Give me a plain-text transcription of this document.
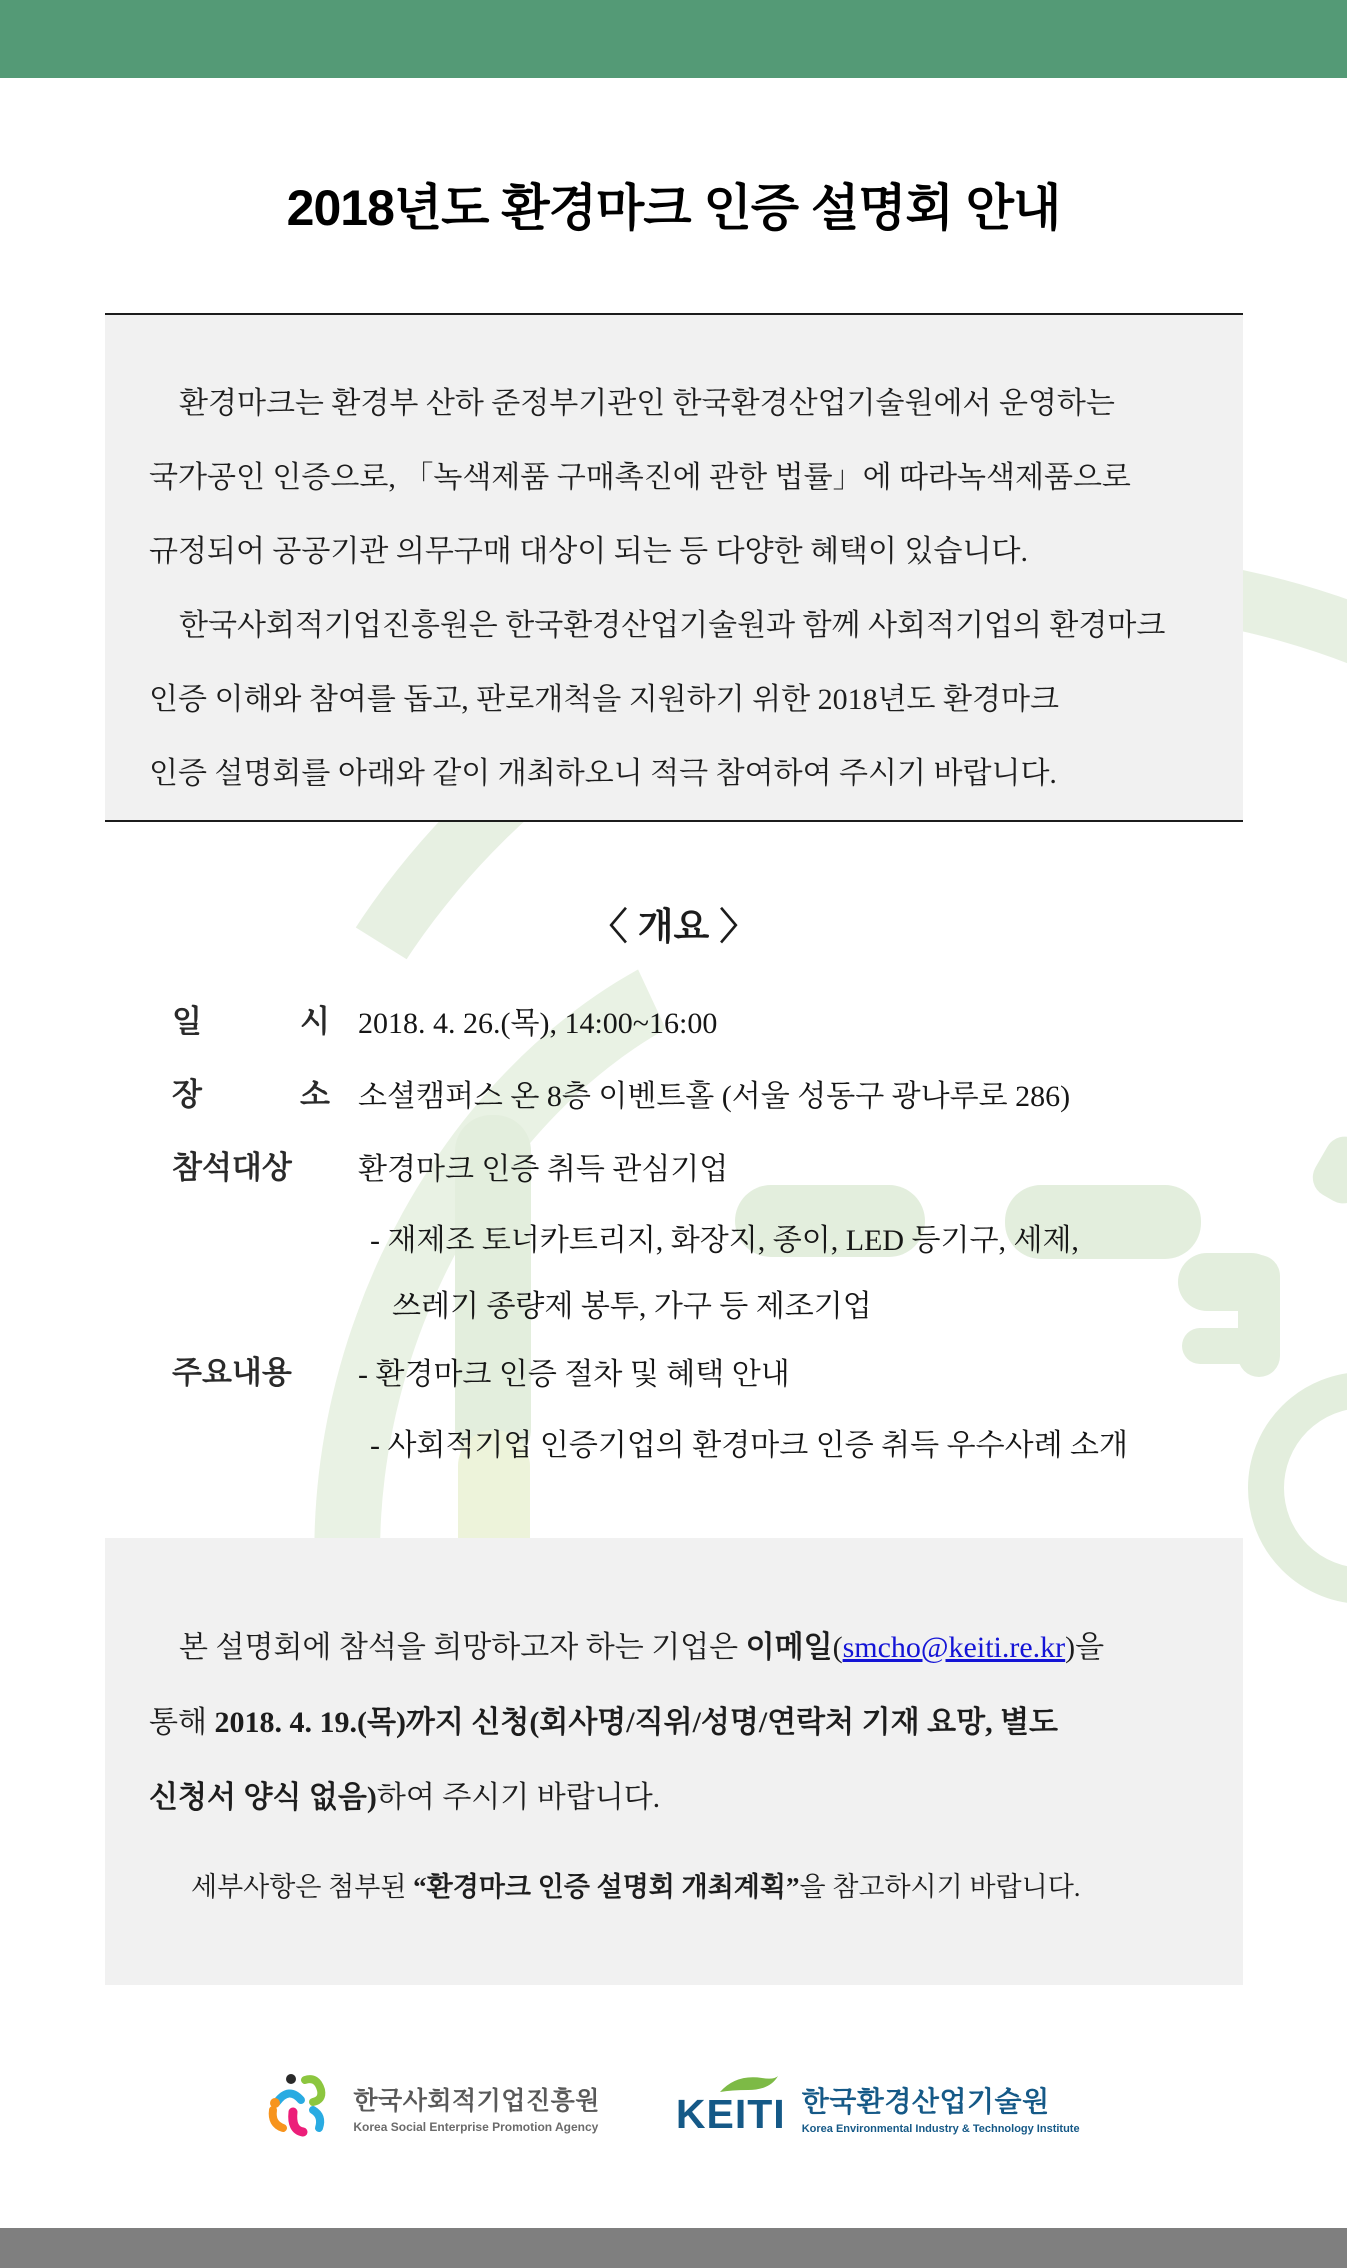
2018년도 환경마크 인증 설명회 안내
환경마크는 환경부 산하 준정부기관인 한국환경산업기술원에서 운영하는
국가공인 인증으로, 「녹색제품 구매촉진에 관한 법률」에 따라녹색제품으로
규정되어 공공기관 의무구매 대상이 되는 등 다양한 혜택이 있습니다.
한국사회적기업진흥원은 한국환경산업기술원과 함께 사회적기업의 환경마크
인증 이해와 참여를 돕고, 판로개척을 지원하기 위한 2018년도 환경마크
인증 설명회를 아래와 같이 개최하오니 적극 참여하여 주시기 바랍니다.
〈 개요 〉
일 시 2018. 4. 26.(목), 14:00~16:00
장 소 소셜캠퍼스 온 8층 이벤트홀 (서울 성동구 광나루로 286)
참석대상	환경마크 인증 취득 관심기업
- 재제조 토너카트리지, 화장지, 종이, LED 등기구, 세제,
쓰레기 종량제 봉투, 가구 등 제조기업
주요내용	- 환경마크 인증 절차 및 혜택 안내
- 사회적기업 인증기업의 환경마크 인증 취득 우수사례 소개
본 설명회에 참석을 희망하고자 하는 기업은 이메일(smcho@keiti.re.kr)을
통해 2018. 4. 19.(목)까지 신청(회사명/직위/성명/연락처 기재 요망, 별도
신청서 양식 없음)하여 주시기 바랍니다.
세부사항은 첨부된 “환경마크 인증 설명회 개최계획”을 참고하시기 바랍니다.
한국사회적기업진흥원
Korea Social Enterprise Promotion Agency KEITI 한국환경산업기술원
Korea Environmental Industry & Technology Institute
